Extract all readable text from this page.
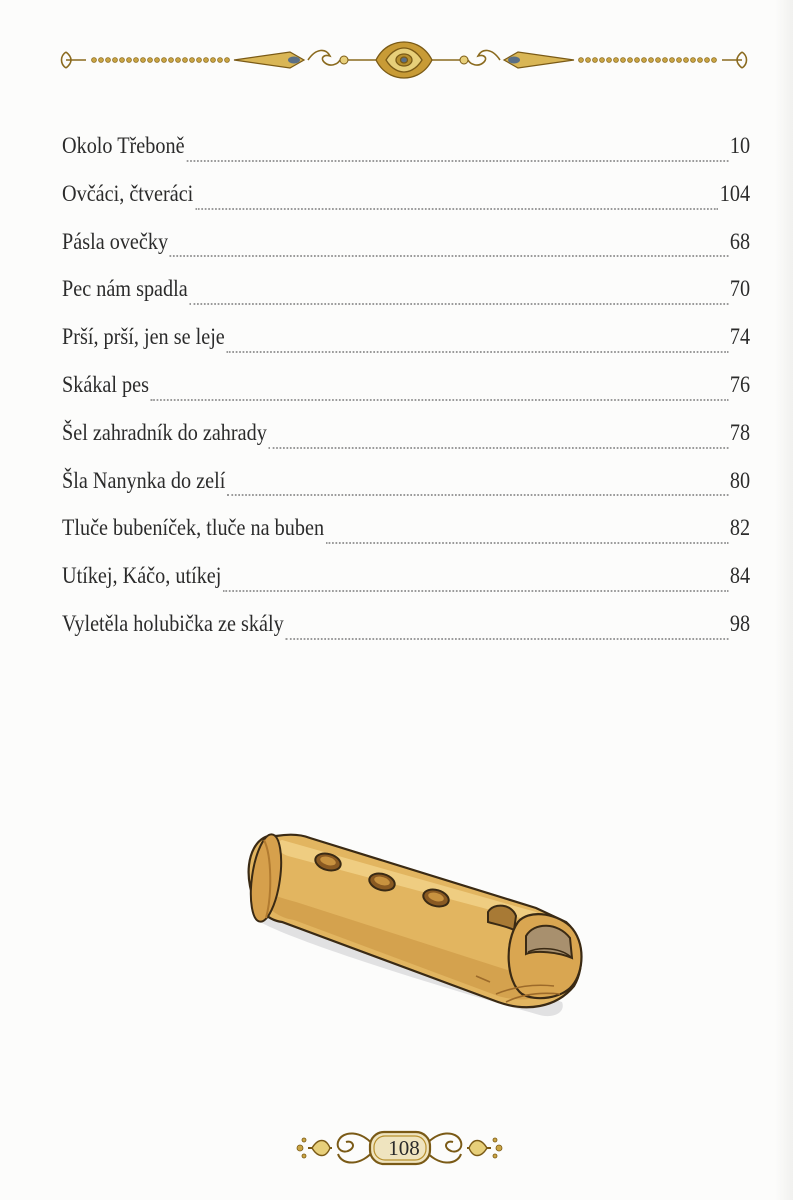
Okolo Třeboně	10
Ovčáci, čtveráci	104
Pásla ovečky	68
Pec nám spadla	70
Prší, prší, jen se leje	74
Skákal pes	76
Šel zahradník do zahrady	78
Šla Nanynka do zelí	80
Tluče bubeníček, tluče na buben	82
Utíkej, Káčo, utíkej	84
Vyletěla holubička ze skály	98
108
